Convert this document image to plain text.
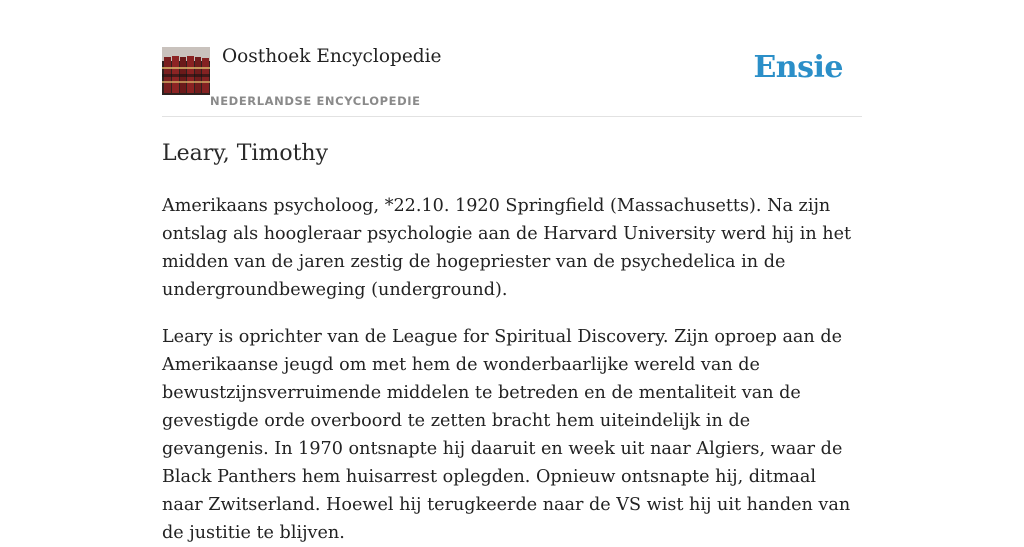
Oosthoek Encyclopedie
NEDERLANDSE ENCYCLOPEDIE
Ensie
Leary, Timothy

Amerikaans psycholoog, *22.10. 1920 Springfield (Massachusetts). Na zijn ontslag als hoogleraar psychologie aan de Harvard University werd hij in het midden van de jaren zestig de hogepriester van de psychedelica in de undergroundbeweging (underground).

Leary is oprichter van de League for Spiritual Discovery. Zijn oproep aan de Amerikaanse jeugd om met hem de wonderbaarlijke wereld van de bewustzijnsverruimende middelen te betreden en de mentaliteit van de gevestigde orde overboord te zetten bracht hem uiteindelijk in de gevangenis. In 1970 ontsnapte hij daaruit en week uit naar Algiers, waar de Black Panthers hem huisarrest oplegden. Opnieuw ontsnapte hij, ditmaal naar Zwitserland. Hoewel hij terugkeerde naar de VS wist hij uit handen van de justitie te blijven.
